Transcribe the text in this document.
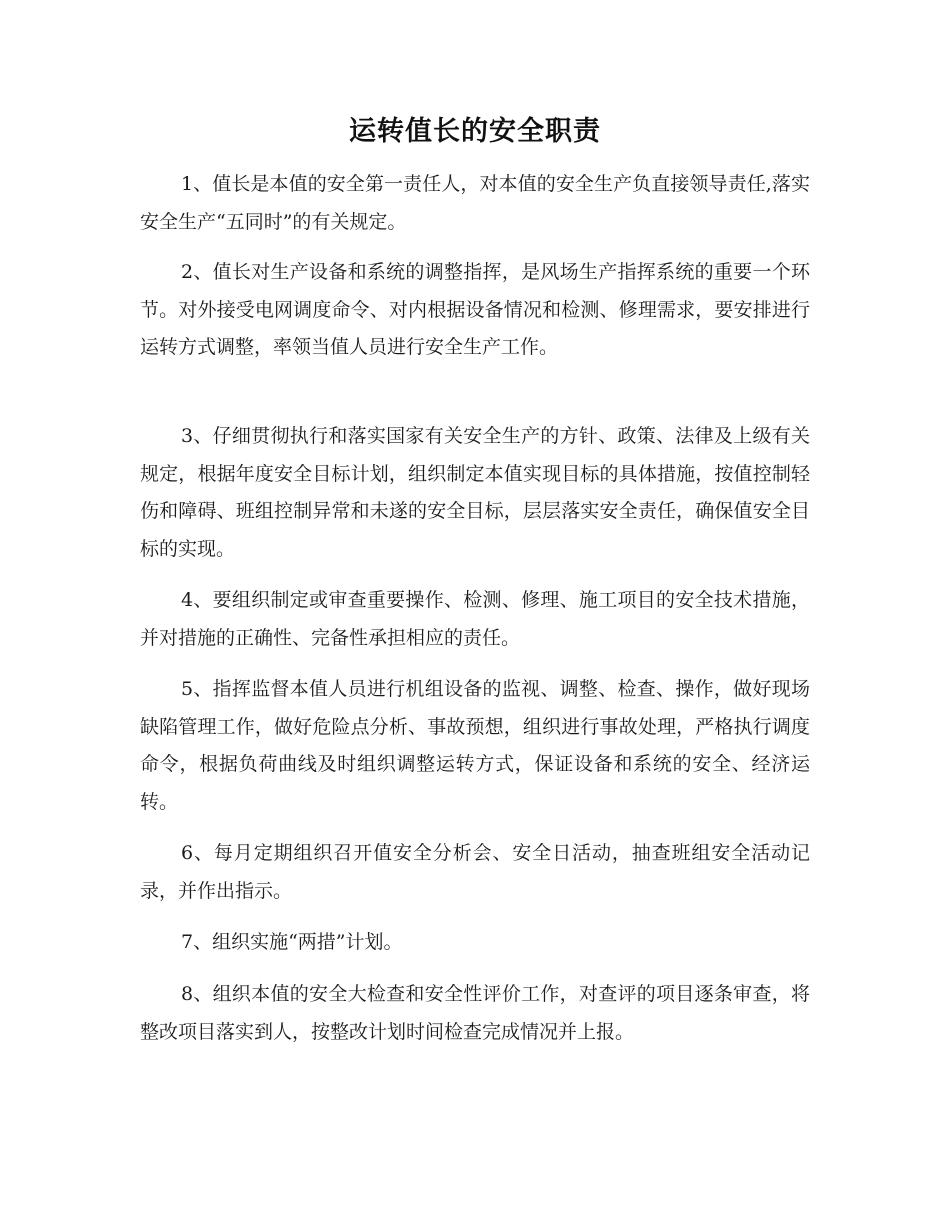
运转值长的安全职责

1、值长是本值的安全第一责任人，对本值的安全生产负直接领导责任,落实安全生产“五同时”的有关规定。

2、值长对生产设备和系统的调整指挥，是风场生产指挥系统的重要一个环节。对外接受电网调度命令、对内根据设备情况和检测、修理需求，要安排进行运转方式调整，率领当值人员进行安全生产工作。

3、仔细贯彻执行和落实国家有关安全生产的方针、政策、法律及上级有关规定，根据年度安全目标计划，组织制定本值实现目标的具体措施，按值控制轻伤和障碍、班组控制异常和未遂的安全目标，层层落实安全责任，确保值安全目标的实现。

4、要组织制定或审查重要操作、检测、修理、施工项目的安全技术措施，并对措施的正确性、完备性承担相应的责任。

5、指挥监督本值人员进行机组设备的监视、调整、检查、操作，做好现场缺陷管理工作，做好危险点分析、事故预想，组织进行事故处理，严格执行调度命令，根据负荷曲线及时组织调整运转方式，保证设备和系统的安全、经济运转。

6、每月定期组织召开值安全分析会、安全日活动，抽查班组安全活动记录，并作出指示。

7、组织实施“两措”计划。

8、组织本值的安全大检查和安全性评价工作，对查评的项目逐条审查，将整改项目落实到人，按整改计划时间检查完成情况并上报。
